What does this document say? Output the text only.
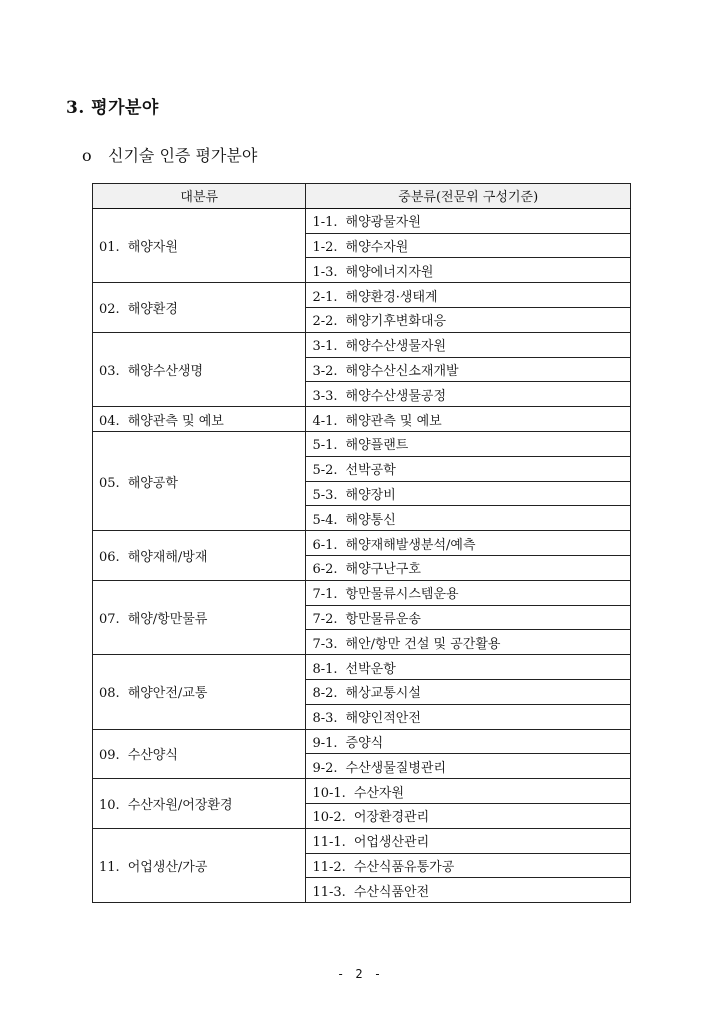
3. 평가분야
o 신기술 인증 평가분야
대분류	중분류(전문위 구성기준)
01. 해양자원	1-1. 해양광물자원
	1-2. 해양수자원
	1-3. 해양에너지자원
02. 해양환경	2-1. 해양환경·생태계
	2-2. 해양기후변화대응
03. 해양수산생명	3-1. 해양수산생물자원
	3-2. 해양수산신소재개발
	3-3. 해양수산생물공정
04. 해양관측 및 예보	4-1. 해양관측 및 예보
05. 해양공학	5-1. 해양플랜트
	5-2. 선박공학
	5-3. 해양장비
	5-4. 해양통신
06. 해양재해/방재	6-1. 해양재해발생분석/예측
	6-2. 해양구난구호
07. 해양/항만물류	7-1. 항만물류시스템운용
	7-2. 항만물류운송
	7-3. 해안/항만 건설 및 공간활용
08. 해양안전/교통	8-1. 선박운항
	8-2. 해상교통시설
	8-3. 해양인적안전
09. 수산양식	9-1. 증양식
	9-2. 수산생물질병관리
10. 수산자원/어장환경	10-1. 수산자원
	10-2. 어장환경관리
11. 어업생산/가공	11-1. 어업생산관리
	11-2. 수산식품유통가공
	11-3. 수산식품안전
- 2 -
